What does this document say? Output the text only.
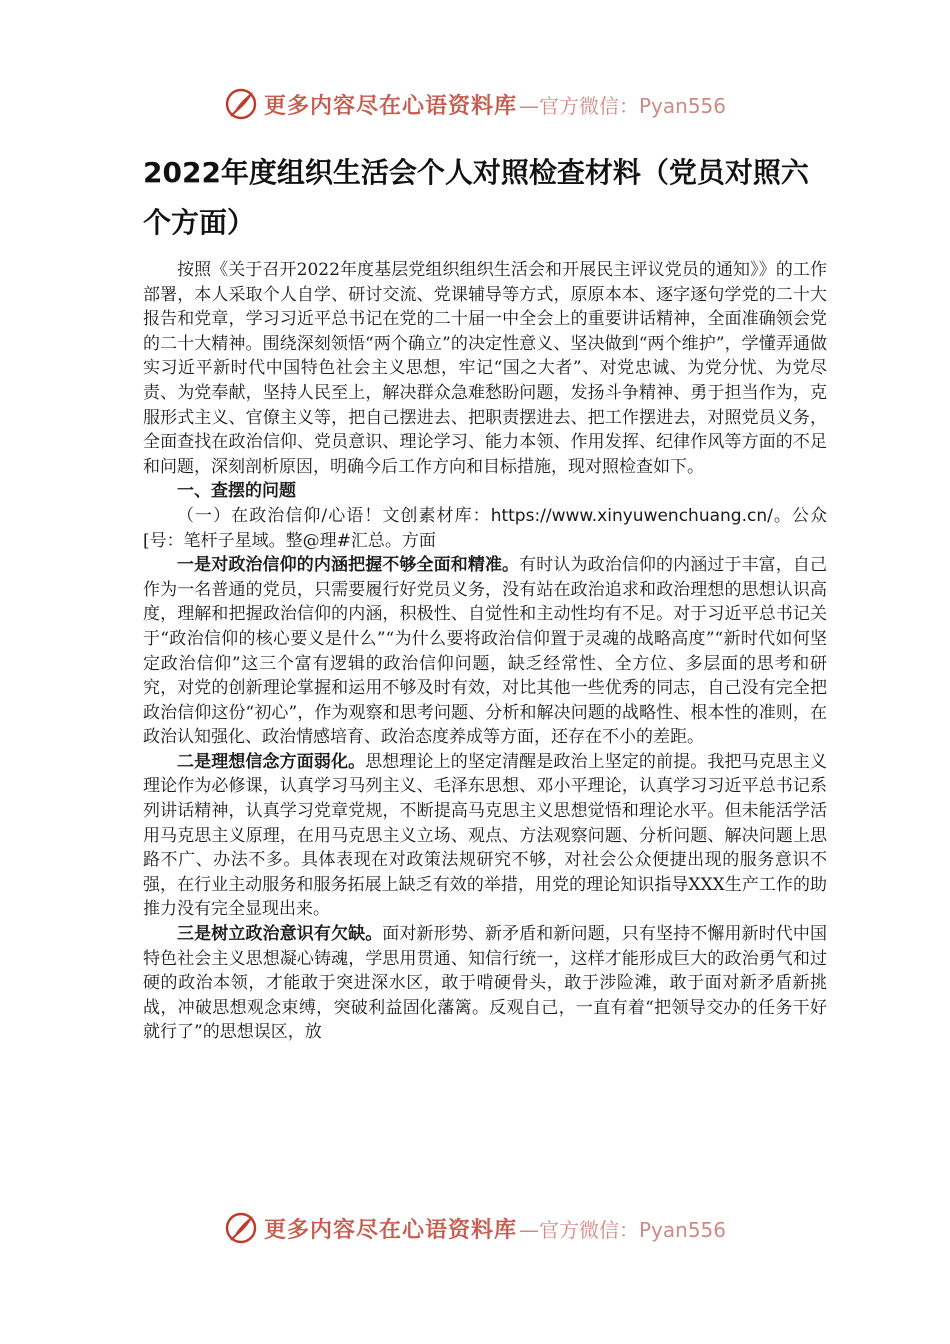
更多内容尽在心语资料库 —官方微信：Pyan556
2022年度组织生活会个人对照检查材料（党员对照六个方面）

按照《关于召开2022年度基层党组织组织生活会和开展民主评议党员的通知》》的工作部署，本人采取个人自学、研讨交流、党课辅导等方式，原原本本、逐字逐句学党的二十大报告和党章，学习习近平总书记在党的二十届一中全会上的重要讲话精神，全面准确领会党的二十大精神。围绕深刻领悟“两个确立”的决定性意义、坚决做到“两个维护”，学懂弄通做实习近平新时代中国特色社会主义思想，牢记“国之大者”、对党忠诚、为党分忧、为党尽责、为党奉献，坚持人民至上，解决群众急难愁盼问题，发扬斗争精神、勇于担当作为，克服形式主义、官僚主义等，把自己摆进去、把职责摆进去、把工作摆进去，对照党员义务，全面查找在政治信仰、党员意识、理论学习、能力本领、作用发挥、纪律作风等方面的不足和问题，深刻剖析原因，明确今后工作方向和目标措施，现对照检查如下。

一、查摆的问题

（一）在政治信仰/心语！文创素材库：https://www.xinyuwenchuang.cn/。公众[号：笔杆子星域。整@理#汇总。方面

一是对政治信仰的内涵把握不够全面和精准。有时认为政治信仰的内涵过于丰富，自己作为一名普通的党员，只需要履行好党员义务，没有站在政治追求和政治理想的思想认识高度，理解和把握政治信仰的内涵，积极性、自觉性和主动性均有不足。对于习近平总书记关于“政治信仰的核心要义是什么”“为什么要将政治信仰置于灵魂的战略高度”“新时代如何坚定政治信仰”这三个富有逻辑的政治信仰问题，缺乏经常性、全方位、多层面的思考和研究，对党的创新理论掌握和运用不够及时有效，对比其他一些优秀的同志，自己没有完全把政治信仰这份“初心”，作为观察和思考问题、分析和解决问题的战略性、根本性的准则，在政治认知强化、政治情感培育、政治态度养成等方面，还存在不小的差距。

二是理想信念方面弱化。思想理论上的坚定清醒是政治上坚定的前提。我把马克思主义理论作为必修课，认真学习马列主义、毛泽东思想、邓小平理论，认真学习习近平总书记系列讲话精神，认真学习党章党规，不断提高马克思主义思想觉悟和理论水平。但未能活学活用马克思主义原理，在用马克思主义立场、观点、方法观察问题、分析问题、解决问题上思路不广、办法不多。具体表现在对政策法规研究不够，对社会公众便捷出现的服务意识不强，在行业主动服务和服务拓展上缺乏有效的举措，用党的理论知识指导XXX生产工作的助推力没有完全显现出来。

三是树立政治意识有欠缺。面对新形势、新矛盾和新问题，只有坚持不懈用新时代中国特色社会主义思想凝心铸魂，学思用贯通、知信行统一，这样才能形成巨大的政治勇气和过硬的政治本领，才能敢于突进深水区，敢于啃硬骨头，敢于涉险滩，敢于面对新矛盾新挑战，冲破思想观念束缚，突破利益固化藩篱。反观自己，一直有着“把领导交办的任务干好就行了”的思想误区，放

更多内容尽在心语资料库 —官方微信：Pyan556
